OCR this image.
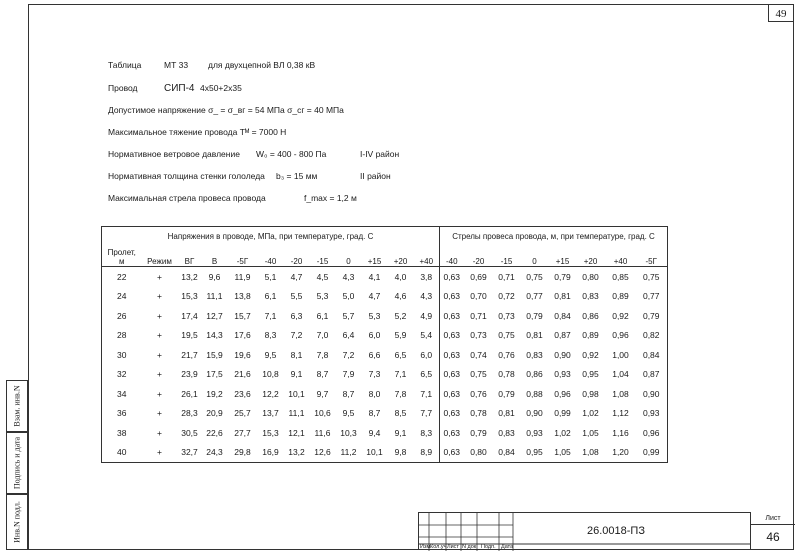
49
Взам. инв.N
Подпись и дата
Инв.N подл.
Таблица	МТ 33 для двухцепной ВЛ 0,38 кВ
Провод	СИП-4 4х50+2х35
Допустимое напряжение σ_ = σ_вг = 54 МПа σ_сг = 40 МПа
Максимальное тяжение провода Тᴹ = 7000 Н
Нормативное ветровое давление W₀ = 400 - 800 Па	I-IV район
Нормативная толщина стенки гололеда b₃ = 15 мм	II район
Максимальная стрела провеса провода	f_max = 1,2 м
Напряжения в проводе, МПа, при температуре, град. С												Стрелы провеса провода, м, при температуре, град. С							
Пролет,
м	Режим	ВГ	В	-5Г	-40	-20	-15	0	+15	+20	+40	-40	-20	-15	0	+15	+20	+40	-5Г
22	+	13,2	9,6	11,9	5,1	4,7	4,5	4,3	4,1	4,0	3,8	0,63	0,69	0,71	0,75	0,79	0,80	0,85	0,75
24	+	15,3	11,1	13,8	6,1	5,5	5,3	5,0	4,7	4,6	4,3	0,63	0,70	0,72	0,77	0,81	0,83	0,89	0,77
26	+	17,4	12,7	15,7	7,1	6,3	6,1	5,7	5,3	5,2	4,9	0,63	0,71	0,73	0,79	0,84	0,86	0,92	0,79
28	+	19,5	14,3	17,6	8,3	7,2	7,0	6,4	6,0	5,9	5,4	0,63	0,73	0,75	0,81	0,87	0,89	0,96	0,82
30	+	21,7	15,9	19,6	9,5	8,1	7,8	7,2	6,6	6,5	6,0	0,63	0,74	0,76	0,83	0,90	0,92	1,00	0,84
32	+	23,9	17,5	21,6	10,8	9,1	8,7	7,9	7,3	7,1	6,5	0,63	0,75	0,78	0,86	0,93	0,95	1,04	0,87
34	+	26,1	19,2	23,6	12,2	10,1	9,7	8,7	8,0	7,8	7,1	0,63	0,76	0,79	0,88	0,96	0,98	1,08	0,90
36	+	28,3	20,9	25,7	13,7	11,1	10,6	9,5	8,7	8,5	7,7	0,63	0,78	0,81	0,90	0,99	1,02	1,12	0,93
38	+	30,5	22,6	27,7	15,3	12,1	11,6	10,3	9,4	9,1	8,3	0,63	0,79	0,83	0,93	1,02	1,05	1,16	0,96
40	+	32,7	24,3	29,8	16,9	13,2	12,6	11,2	10,1	9,8	8,9	0,63	0,80	0,84	0,95	1,05	1,08	1,20	0,99
Изм.
Кол.уч Лист N док Подп. Дата
26.0018-ПЗ
Лист
46
